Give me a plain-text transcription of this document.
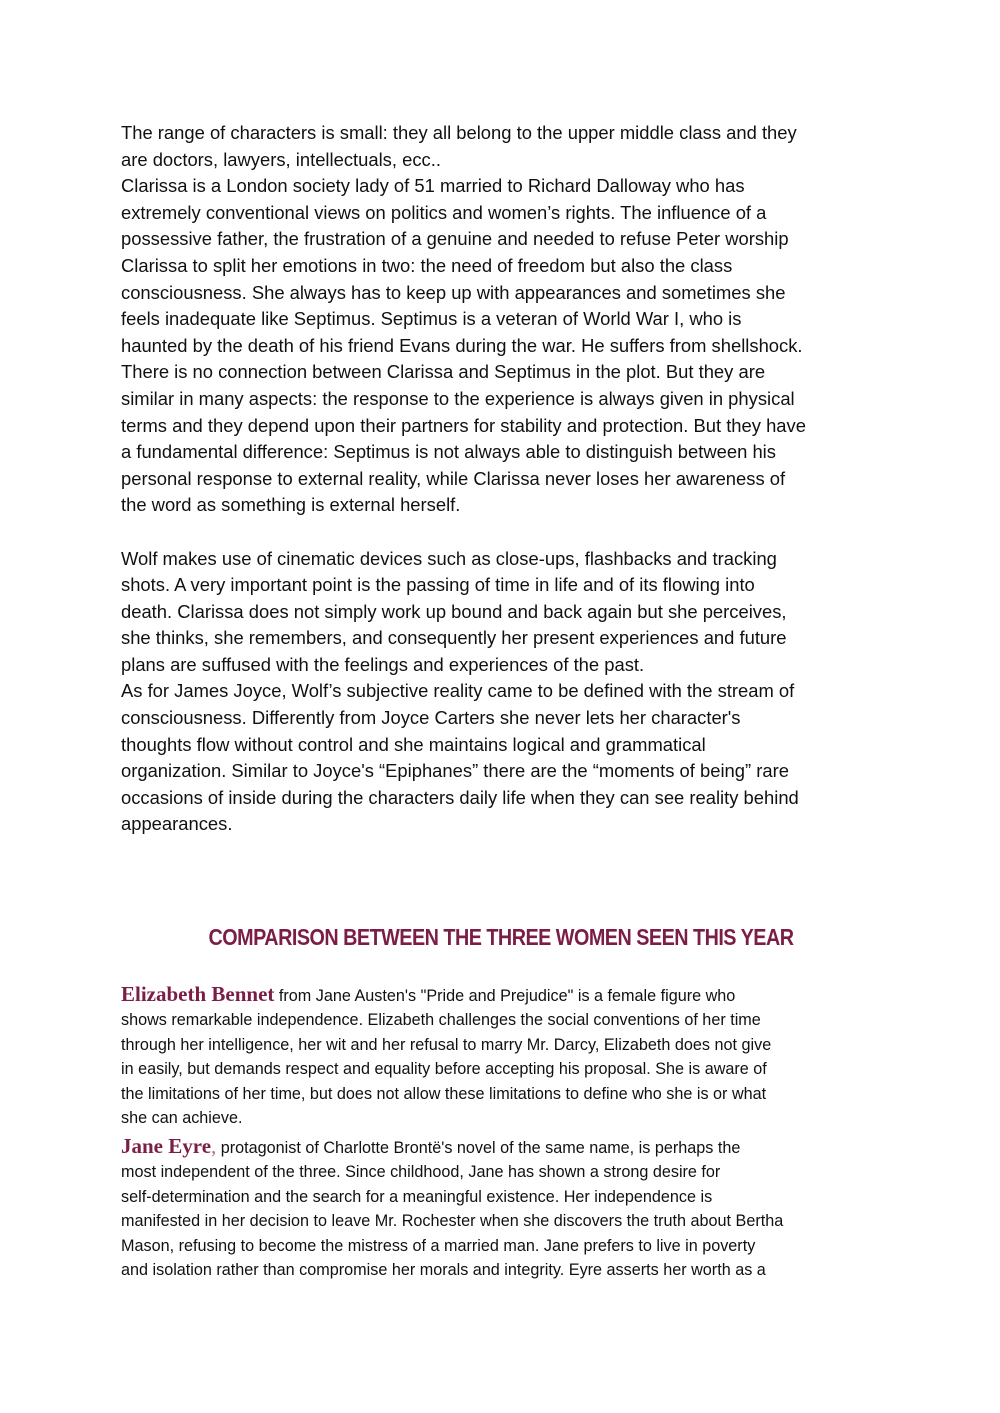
The range of characters is small: they all belong to the upper middle class and they

are doctors, lawyers, intellectuals, ecc..

Clarissa is a London society lady of 51 married to Richard Dalloway who has

extremely conventional views on politics and women’s rights. The influence of a

possessive father, the frustration of a genuine and needed to refuse Peter worship

Clarissa to split her emotions in two: the need of freedom but also the class

consciousness. She always has to keep up with appearances and sometimes she

feels inadequate like Septimus. Septimus is a veteran of World War I, who is

haunted by the death of his friend Evans during the war. He suffers from shellshock.

There is no connection between Clarissa and Septimus in the plot. But they are

similar in many aspects: the response to the experience is always given in physical

terms and they depend upon their partners for stability and protection. But they have

a fundamental difference: Septimus is not always able to distinguish between his

personal response to external reality, while Clarissa never loses her awareness of

the word as something is external herself.

Wolf makes use of cinematic devices such as close-ups, flashbacks and tracking

shots. A very important point is the passing of time in life and of its flowing into

death. Clarissa does not simply work up bound and back again but she perceives,

she thinks, she remembers, and consequently her present experiences and future

plans are suffused with the feelings and experiences of the past.

As for James Joyce, Wolf’s subjective reality came to be defined with the stream of

consciousness. Differently from Joyce Carters she never lets her character's

thoughts flow without control and she maintains logical and grammatical

organization. Similar to Joyce's “Epiphanes” there are the “moments of being” rare

occasions of inside during the characters daily life when they can see reality behind

appearances.

COMPARISON BETWEEN THE THREE WOMEN SEEN THIS YEAR

Elizabeth Bennet from Jane Austen's "Pride and Prejudice" is a female figure who

shows remarkable independence. Elizabeth challenges the social conventions of her time

through her intelligence, her wit and her refusal to marry Mr. Darcy, Elizabeth does not give

in easily, but demands respect and equality before accepting his proposal. She is aware of

the limitations of her time, but does not allow these limitations to define who she is or what

she can achieve.

Jane Eyre, protagonist of Charlotte Brontë's novel of the same name, is perhaps the

most independent of the three. Since childhood, Jane has shown a strong desire for

self-determination and the search for a meaningful existence. Her independence is

manifested in her decision to leave Mr. Rochester when she discovers the truth about Bertha

Mason, refusing to become the mistress of a married man. Jane prefers to live in poverty

and isolation rather than compromise her morals and integrity. Eyre asserts her worth as a
